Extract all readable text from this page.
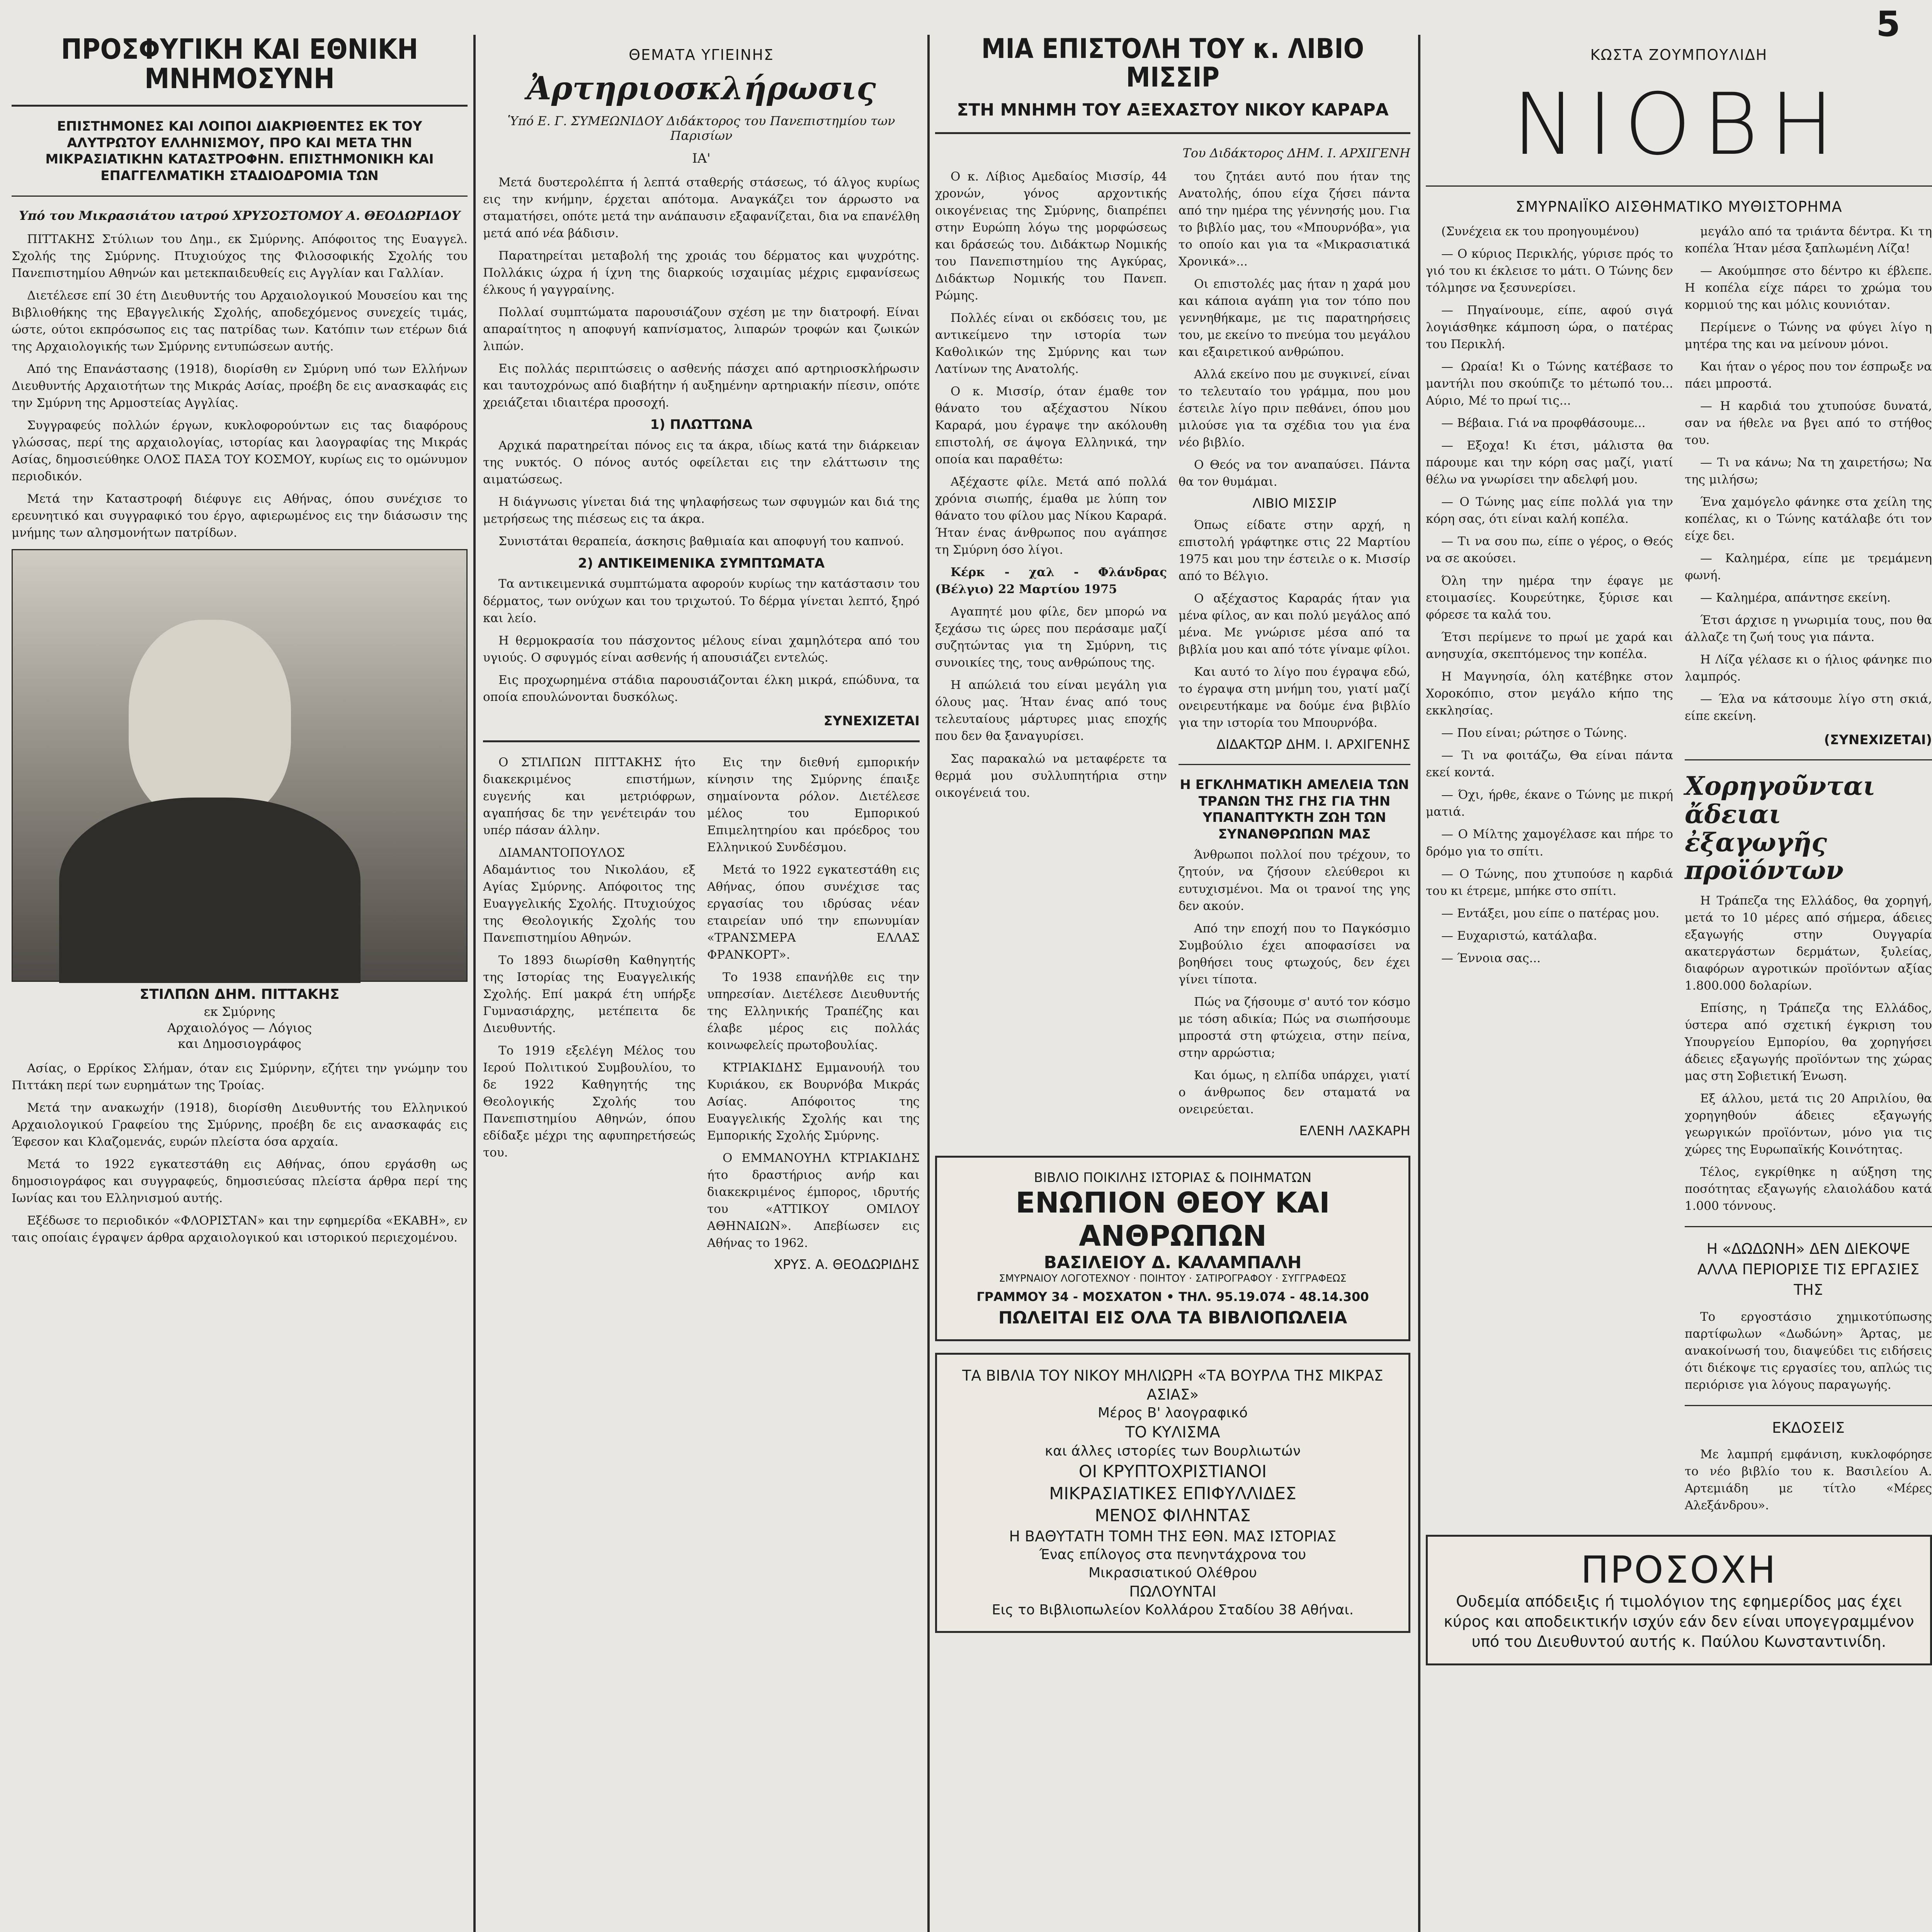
5
ΠΡΟΣΦΥΓΙΚΗ ΚΑΙ ΕΘΝΙΚΗ ΜΝΗΜΟΣΥΝΗ
ΕΠΙΣΤΗΜΟΝΕΣ ΚΑΙ ΛΟΙΠΟΙ ΔΙΑΚΡΙΘΕΝΤΕΣ ΕΚ ΤΟΥ ΑΛΥΤΡΩΤΟΥ ΕΛΛΗΝΙΣΜΟΥ, ΠΡΟ ΚΑΙ ΜΕΤΑ ΤΗΝ ΜΙΚΡΑΣΙΑΤΙΚΗΝ ΚΑΤΑΣΤΡΟΦΗΝ. ΕΠΙΣΤΗΜΟΝΙΚΗ ΚΑΙ ΕΠΑΓΓΕΛΜΑΤΙΚΗ ΣΤΑΔΙΟΔΡΟΜΙΑ ΤΩΝ
Υπό του Μικρασιάτου ιατρού ΧΡΥΣΟΣΤΟΜΟΥ Α. ΘΕΟΔΩΡΙΔΟΥ

ΠΙΤΤΑΚΗΣ Στύλιων του Δημ., εκ Σμύρνης. Απόφοιτος της Ευαγγελ. Σχολής της Σμύρνης. Πτυχιούχος της Φιλοσοφικής Σχολής του Πανεπιστημίου Αθηνών και μετεκπαιδευθείς εις Αγγλίαν και Γαλλίαν.

Διετέλεσε επί 30 έτη Διευθυντής του Αρχαιολογικού Μουσείου και της Βιβλιοθήκης της Εβαγγελικής Σχολής, αποδεχόμενος συνεχείς τιμάς, ώστε, ούτοι εκπρόσωπος εις τας πατρίδας των. Κατόπιν των ετέρων διά της Αρχαιολογικής των Σμύρνης εντυπώσεων αυτής.

Από της Επανάστασης (1918), διορίσθη εν Σμύρνη υπό των Ελλήνων Διευθυντής Αρχαιοτήτων της Μικράς Ασίας, προέβη δε εις ανασκαφάς εις την Σμύρνη της Αρμοστείας Αγγλίας.

Συγγραφεύς πολλών έργων, κυκλοφορούντων εις τας διαφόρους γλώσσας, περί της αρχαιολογίας, ιστορίας και λαογραφίας της Μικράς Ασίας, δημοσιεύθηκε ΟΛΟΣ ΠΑΣΑ ΤΟΥ ΚΟΣΜΟΥ, κυρίως εις το ομώνυμον περιοδικόν.

Μετά την Καταστροφή διέφυγε εις Αθήνας, όπου συνέχισε το ερευνητικό και συγγραφικό του έργο, αφιερωμένος εις την διάσωσιν της μνήμης των αλησμονήτων πατρίδων.

ΣΤΙΛΠΩΝ ΔΗΜ. ΠΙΤΤΑΚΗΣ
εκ Σμύρνης
Αρχαιολόγος — Λόγιος
και Δημοσιογράφος

Ασίας, ο Ερρίκος Σλήμαν, όταν εις Σμύρνην, εζήτει την γνώμην του Πιττάκη περί των ευρημάτων της Τροίας.

Μετά την ανακωχήν (1918), διορίσθη Διευθυντής του Ελληνικού Αρχαιολογικού Γραφείου της Σμύρνης, προέβη δε εις ανασκαφάς εις Έφεσον και Κλαζομενάς, ευρών πλείστα όσα αρχαία.

Μετά το 1922 εγκατεστάθη εις Αθήνας, όπου εργάσθη ως δημοσιογράφος και συγγραφεύς, δημοσιεύσας πλείστα άρθρα περί της Ιωνίας και του Ελληνισμού αυτής.

Εξέδωσε το περιοδικόν «ΦΛΟΡΙΣΤΑΝ» και την εφημερίδα «ΕΚΑΒΗ», εν ταις οποίαις έγραψεν άρθρα αρχαιολογικού και ιστορικού περιεχομένου.

ΘΕΜΑΤΑ ΥΓΙΕΙΝΗΣ
Ἀρτηριοσκλήρωσις
Ὑπό Ε. Γ. ΣΥΜΕΩΝΙΔΟΥ Διδάκτορος του Πανεπιστημίου των Παρισίων
ΙΑ'

Μετά δυστερολέπτα ή λεπτά σταθερής στάσεως, τό άλγος κυρίως εις την κνήμην, έρχεται απότομα. Αναγκάζει τον άρρωστο να σταματήσει, οπότε μετά την ανάπαυσιν εξαφανίζεται, δια να επανέλθη μετά από νέα βάδισιν.

Παρατηρείται μεταβολή της χροιάς του δέρματος και ψυχρότης. Πολλάκις ώχρα ή ίχνη της διαρκούς ισχαιμίας μέχρις εμφανίσεως έλκους ή γαγγραίνης.

Πολλαί συμπτώματα παρουσιάζουν σχέση με την διατροφή. Είναι απαραίτητος η αποφυγή καπνίσματος, λιπαρών τροφών και ζωικών λιπών.

Εις πολλάς περιπτώσεις ο ασθενής πάσχει από αρτηριοσκλήρωσιν και ταυτοχρόνως από διαβήτην ή αυξημένην αρτηριακήν πίεσιν, οπότε χρειάζεται ιδιαιτέρα προσοχή.

1) ΠΛΩΤΤΩΝΑ

Αρχικά παρατηρείται πόνος εις τα άκρα, ιδίως κατά την διάρκειαν της νυκτός. Ο πόνος αυτός οφείλεται εις την ελάττωσιν της αιματώσεως.

Η διάγνωσις γίνεται διά της ψηλαφήσεως των σφυγμών και διά της μετρήσεως της πιέσεως εις τα άκρα.

Συνιστάται θεραπεία, άσκησις βαθμιαία και αποφυγή του καπνού.

2) ΑΝΤΙΚΕΙΜΕΝΙΚΑ ΣΥΜΠΤΩΜΑΤΑ

Τα αντικειμενικά συμπτώματα αφορούν κυρίως την κατάστασιν του δέρματος, των ονύχων και του τριχωτού. Το δέρμα γίνεται λεπτό, ξηρό και λείο.

Η θερμοκρασία του πάσχοντος μέλους είναι χαμηλότερα από του υγιούς. Ο σφυγμός είναι ασθενής ή απουσιάζει εντελώς.

Εις προχωρημένα στάδια παρουσιάζονται έλκη μικρά, επώδυνα, τα οποία επουλώνονται δυσκόλως.

ΣΥΝΕΧΙΖΕΤΑΙ

Ο ΣΤΙΛΠΩΝ ΠΙΤΤΑΚΗΣ ήτο διακεκριμένος επιστήμων, ευγενής και μετριόφρων, αγαπήσας δε την γενέτειράν του υπέρ πάσαν άλλην.

ΔΙΑΜΑΝΤΟΠΟΥΛΟΣ Αδαμάντιος του Νικολάου, εξ Αγίας Σμύρνης. Απόφοιτος της Ευαγγελικής Σχολής. Πτυχιούχος της Θεολογικής Σχολής του Πανεπιστημίου Αθηνών.

Το 1893 διωρίσθη Καθηγητής της Ιστορίας της Ευαγγελικής Σχολής. Επί μακρά έτη υπήρξε Γυμνασιάρχης, μετέπειτα δε Διευθυντής.

Το 1919 εξελέγη Μέλος του Ιερού Πολιτικού Συμβουλίου, το δε 1922 Καθηγητής της Θεολογικής Σχολής του Πανεπιστημίου Αθηνών, όπου εδίδαξε μέχρι της αφυπηρετήσεώς του.

Εις την διεθνή εμπορικήν κίνησιν της Σμύρνης έπαιξε σημαίνοντα ρόλον. Διετέλεσε μέλος του Εμπορικού Επιμελητηρίου και πρόεδρος του Ελληνικού Συνδέσμου.

Μετά το 1922 εγκατεστάθη εις Αθήνας, όπου συνέχισε τας εργασίας του ιδρύσας νέαν εταιρείαν υπό την επωνυμίαν «ΤΡΑΝΣΜΕΡΑ ΕΛΛΑΣ ΦΡΑΝΚΟΡΤ».

Το 1938 επανήλθε εις την υπηρεσίαν. Διετέλεσε Διευθυντής της Ελληνικής Τραπέζης και έλαβε μέρος εις πολλάς κοινωφελείς πρωτοβουλίας.

ΚΤΡΙΑΚΙΔΗΣ Εμμανουήλ του Κυριάκου, εκ Βουρνόβα Μικράς Ασίας. Απόφοιτος της Ευαγγελικής Σχολής και της Εμπορικής Σχολής Σμύρνης.

Ο ΕΜΜΑΝΟΥΗΛ ΚΤΡΙΑΚΙΔΗΣ ήτο δραστήριος ανήρ και διακεκριμένος έμπορος, ιδρυτής του «ΑΤΤΙΚΟΥ ΟΜΙΛΟΥ ΑΘΗΝΑΙΩΝ». Απεβίωσεν εις Αθήνας το 1962.

ΧΡΥΣ. Α. ΘΕΟΔΩΡΙΔΗΣ
ΜΙΑ ΕΠΙΣΤΟΛΗ ΤΟΥ κ. ΛΙΒΙΟ ΜΙΣΣΙΡ
ΣΤΗ ΜΝΗΜΗ ΤΟΥ ΑΞΕΧΑΣΤΟΥ ΝΙΚΟΥ ΚΑΡΑΡΑ
Του Διδάκτορος ΔΗΜ. Ι. ΑΡΧΙΓΕΝΗ

Ο κ. Λίβιος Αμεδαίος Μισσίρ, 44 χρονών, γόνος αρχοντικής οικογένειας της Σμύρνης, διαπρέπει στην Ευρώπη λόγω της μορφώσεως και δράσεώς του. Διδάκτωρ Νομικής του Πανεπιστημίου της Αγκύρας, Διδάκτωρ Νομικής του Πανεπ. Ρώμης.

Πολλές είναι οι εκδόσεις του, με αντικείμενο την ιστορία των Καθολικών της Σμύρνης και των Λατίνων της Ανατολής.

Ο κ. Μισσίρ, όταν έμαθε τον θάνατο του αξέχαστου Νίκου Καραρά, μου έγραψε την ακόλουθη επιστολή, σε άψογα Ελληνικά, την οποία και παραθέτω:

Αξέχαστε φίλε. Μετά από πολλά χρόνια σιωπής, έμαθα με λύπη τον θάνατο του φίλου μας Νίκου Καραρά. Ήταν ένας άνθρωπος που αγάπησε τη Σμύρνη όσο λίγοι.

Κέρκ - χαλ - Φλάνδρας (Βέλγιο) 22 Μαρτίου 1975

Αγαπητέ μου φίλε, δεν μπορώ να ξεχάσω τις ώρες που περάσαμε μαζί συζητώντας για τη Σμύρνη, τις συνοικίες της, τους ανθρώπους της.

Η απώλειά του είναι μεγάλη για όλους μας. Ήταν ένας από τους τελευταίους μάρτυρες μιας εποχής που δεν θα ξαναγυρίσει.

Σας παρακαλώ να μεταφέρετε τα θερμά μου συλλυπητήρια στην οικογένειά του.

του ζητάει αυτό που ήταν της Ανατολής, όπου είχα ζήσει πάντα από την ημέρα της γέννησής μου. Για το βιβλίο μας, του «Μπουρνόβα», για το οποίο και για τα «Μικρασιατικά Χρονικά»...

Οι επιστολές μας ήταν η χαρά μου και κάποια αγάπη για τον τόπο που γεννηθήκαμε, με τις παρατηρήσεις του, με εκείνο το πνεύμα του μεγάλου και εξαιρετικού ανθρώπου.

Αλλά εκείνο που με συγκινεί, είναι το τελευταίο του γράμμα, που μου έστειλε λίγο πριν πεθάνει, όπου μου μιλούσε για τα σχέδια του για ένα νέο βιβλίο.

Ο Θεός να τον αναπαύσει. Πάντα θα τον θυμάμαι.

ΛΙΒΙΟ ΜΙΣΣΙΡ

Όπως είδατε στην αρχή, η επιστολή γράφτηκε στις 22 Μαρτίου 1975 και μου την έστειλε ο κ. Μισσίρ από το Βέλγιο.

Ο αξέχαστος Καραράς ήταν για μένα φίλος, αν και πολύ μεγάλος από μένα. Με γνώρισε μέσα από τα βιβλία μου και από τότε γίναμε φίλοι.

Και αυτό το λίγο που έγραψα εδώ, το έγραψα στη μνήμη του, γιατί μαζί ονειρευτήκαμε να δούμε ένα βιβλίο για την ιστορία του Μπουρνόβα.

ΔΙΔΑΚΤΩΡ ΔΗΜ. Ι. ΑΡΧΙΓΕΝΗΣ
Η ΕΓΚΛΗΜΑΤΙΚΗ ΑΜΕΛΕΙΑ ΤΩΝ ΤΡΑΝΩΝ ΤΗΣ ΓΗΣ ΓΙΑ ΤΗΝ ΥΠΑΝΑΠΤΥΚΤΗ ΖΩΗ ΤΩΝ ΣΥΝΑΝΘΡΩΠΩΝ ΜΑΣ

Άνθρωποι πολλοί που τρέχουν, το ζητούν, να ζήσουν ελεύθεροι κι ευτυχισμένοι. Μα οι τρανοί της γης δεν ακούν.

Από την εποχή που το Παγκόσμιο Συμβούλιο έχει αποφασίσει να βοηθήσει τους φτωχούς, δεν έχει γίνει τίποτα.

Πώς να ζήσουμε σ' αυτό τον κόσμο με τόση αδικία; Πώς να σιωπήσουμε μπροστά στη φτώχεια, στην πείνα, στην αρρώστια;

Και όμως, η ελπίδα υπάρχει, γιατί ο άνθρωπος δεν σταματά να ονειρεύεται.

ΕΛΕΝΗ ΛΑΣΚΑΡΗ
ΒΙΒΛΙΟ ΠΟΙΚΙΛΗΣ ΙΣΤΟΡΙΑΣ & ΠΟΙΗΜΑΤΩΝ
ΕΝΩΠΙΟΝ ΘΕΟΥ ΚΑΙ ΑΝΘΡΩΠΩΝ
ΒΑΣΙΛΕΙΟΥ Δ. ΚΑΛΑΜΠΑΛΗ
ΣΜΥΡΝΑΙΟΥ ΛΟΓΟΤΕΧΝΟΥ · ΠΟΙΗΤΟΥ · ΣΑΤΙΡΟΓΡΑΦΟΥ · ΣΥΓΓΡΑΦΕΩΣ
ΓΡΑΜΜΟΥ 34 - ΜΟΣΧΑΤΟΝ • ΤΗΛ. 95.19.074 - 48.14.300
ΠΩΛΕΙΤΑΙ ΕΙΣ ΟΛΑ ΤΑ ΒΙΒΛΙΟΠΩΛΕΙΑ
ΤΑ ΒΙΒΛΙΑ ΤΟΥ ΝΙΚΟΥ ΜΗΛΙΩΡΗ «ΤΑ ΒΟΥΡΛΑ ΤΗΣ ΜΙΚΡΑΣ ΑΣΙΑΣ»
Μέρος Β' λαογραφικό
ΤΟ ΚΥΛΙΣΜΑ
και άλλες ιστορίες των Βουρλιωτών
ΟΙ ΚΡΥΠΤΟΧΡΙΣΤΙΑΝΟΙ
ΜΙΚΡΑΣΙΑΤΙΚΕΣ ΕΠΙΦΥΛΛΙΔΕΣ
ΜΕΝΟΣ ΦΙΛΗΝΤΑΣ
Η ΒΑΘΥΤΑΤΗ ΤΟΜΗ ΤΗΣ ΕΘΝ. ΜΑΣ ΙΣΤΟΡΙΑΣ
Ένας επίλογος στα πενηντάχρονα του
Μικρασιατικού Ολέθρου
ΠΩΛΟΥΝΤΑΙ
Εις το Βιβλιοπωλείον Κολλάρου Σταδίου 38 Αθήναι.
ΚΩΣΤΑ ΖΟΥΜΠΟΥΛΙΔΗ
ΝΙΟΒΗ
ΣΜΥΡΝΑΙΪΚΟ ΑΙΣΘΗΜΑΤΙΚΟ ΜΥΘΙΣΤΟΡΗΜΑ

(Συνέχεια εκ του προηγουμένου)

— Ο κύριος Περικλής, γύρισε πρός το γιό του κι έκλεισε το μάτι. Ο Τώνης δεν τόλμησε να ξεσυνερίσει.

— Πηγαίνουμε, είπε, αφού σιγά λογιάσθηκε κάμποση ώρα, ο πατέρας του Περικλή.

— Ωραία! Κι ο Τώνης κατέβασε το μαντήλι που σκούπιζε το μέτωπό του... Αύριο, Μέ το πρωί τις...

— Βέβαια. Γιά να προφθάσουμε...

— Εξοχα! Κι έτσι, μάλιστα θα πάρουμε και την κόρη σας μαζί, γιατί θέλω να γνωρίσει την αδελφή μου.

— Ο Τώνης μας είπε πολλά για την κόρη σας, ότι είναι καλή κοπέλα.

— Τι να σου πω, είπε ο γέρος, ο Θεός να σε ακούσει.

Όλη την ημέρα την έφαγε με ετοιμασίες. Κουρεύτηκε, ξύρισε και φόρεσε τα καλά του.

Έτσι περίμενε το πρωί με χαρά και ανησυχία, σκεπτόμενος την κοπέλα.

Η Μαγνησία, όλη κατέβηκε στον Χοροκόπιο, στον μεγάλο κήπο της εκκλησίας.

— Που είναι; ρώτησε ο Τώνης.

— Τι να φοιτάζω, Θα είναι πάντα εκεί κοντά.

— Όχι, ήρθε, έκανε ο Τώνης με πικρή ματιά.

— Ο Μίλτης χαμογέλασε και πήρε το δρόμο για το σπίτι.

— Ο Τώνης, που χτυπούσε η καρδιά του κι έτρεμε, μπήκε στο σπίτι.

— Εντάξει, μου είπε ο πατέρας μου.

— Ευχαριστώ, κατάλαβα.

— Έννοια σας...

μεγάλο από τα τριάντα δέντρα. Κι τη κοπέλα Ήταν μέσα ξαπλωμένη Λίζα!

— Ακούμπησε στο δέντρο κι έβλεπε. Η κοπέλα είχε πάρει το χρώμα του κορμιού της και μόλις κουνιόταν.

Περίμενε ο Τώνης να φύγει λίγο η μητέρα της και να μείνουν μόνοι.

Και ήταν ο γέρος που τον έσπρωξε να πάει μπροστά.

— Η καρδιά του χτυπούσε δυνατά, σαν να ήθελε να βγει από το στήθος του.

— Τι να κάνω; Να τη χαιρετήσω; Να της μιλήσω;

Ένα χαμόγελο φάνηκε στα χείλη της κοπέλας, κι ο Τώνης κατάλαβε ότι τον είχε δει.

— Καλημέρα, είπε με τρεμάμενη φωνή.

— Καλημέρα, απάντησε εκείνη.

Έτσι άρχισε η γνωριμία τους, που θα άλλαζε τη ζωή τους για πάντα.

Η Λίζα γέλασε κι ο ήλιος φάνηκε πιο λαμπρός.

— Έλα να κάτσουμε λίγο στη σκιά, είπε εκείνη.

(ΣΥΝΕΧΙΖΕΤΑΙ)
Χορηγοῦνται ἄδειαι ἐξαγωγῆς προϊόντων

Η Τράπεζα της Ελλάδος, θα χορηγή, μετά το 10 μέρες από σήμερα, άδειες εξαγωγής στην Ουγγαρία ακατεργάστων δερμάτων, ξυλείας, διαφόρων αγροτικών προϊόντων αξίας 1.800.000 δολαρίων.

Επίσης, η Τράπεζα της Ελλάδος, ύστερα από σχετική έγκριση του Υπουργείου Εμπορίου, θα χορηγήσει άδειες εξαγωγής προϊόντων της χώρας μας στη Σοβιετική Ένωση.

Εξ άλλου, μετά τις 20 Απριλίου, θα χορηγηθούν άδειες εξαγωγής γεωργικών προϊόντων, μόνο για τις χώρες της Ευρωπαϊκής Κοινότητας.

Τέλος, εγκρίθηκε η αύξηση της ποσότητας εξαγωγής ελαιολάδου κατά 1.000 τόννους.

Η «ΔΩΔΩΝΗ» ΔΕΝ ΔΙΕΚΟΨΕ ΑΛΛΑ ΠΕΡΙΟΡΙΣΕ ΤΙΣ ΕΡΓΑΣΙΕΣ ΤΗΣ

Το εργοστάσιο χημικοτύπωσης παρτίφωλων «Δωδώνη» Άρτας, με ανακοίνωσή του, διαψεύδει τις ειδήσεις ότι διέκοψε τις εργασίες του, απλώς τις περιόρισε για λόγους παραγωγής.

ΕΚΔΟΣΕΙΣ

Με λαμπρή εμφάνιση, κυκλοφόρησε το νέο βιβλίο του κ. Βασιλείου Α. Αρτεμιάδη με τίτλο «Μέρες Αλεξάνδρου».

ΠΡΟΣΟΧΗ
Ουδεμία απόδειξις ή τιμολόγιον της εφημερίδος μας έχει κύρος και αποδεικτικήν ισχύν εάν δεν είναι υπογεγραμμένον υπό του Διευθυντού αυτής κ. Παύλου Κωνσταντινίδη.
